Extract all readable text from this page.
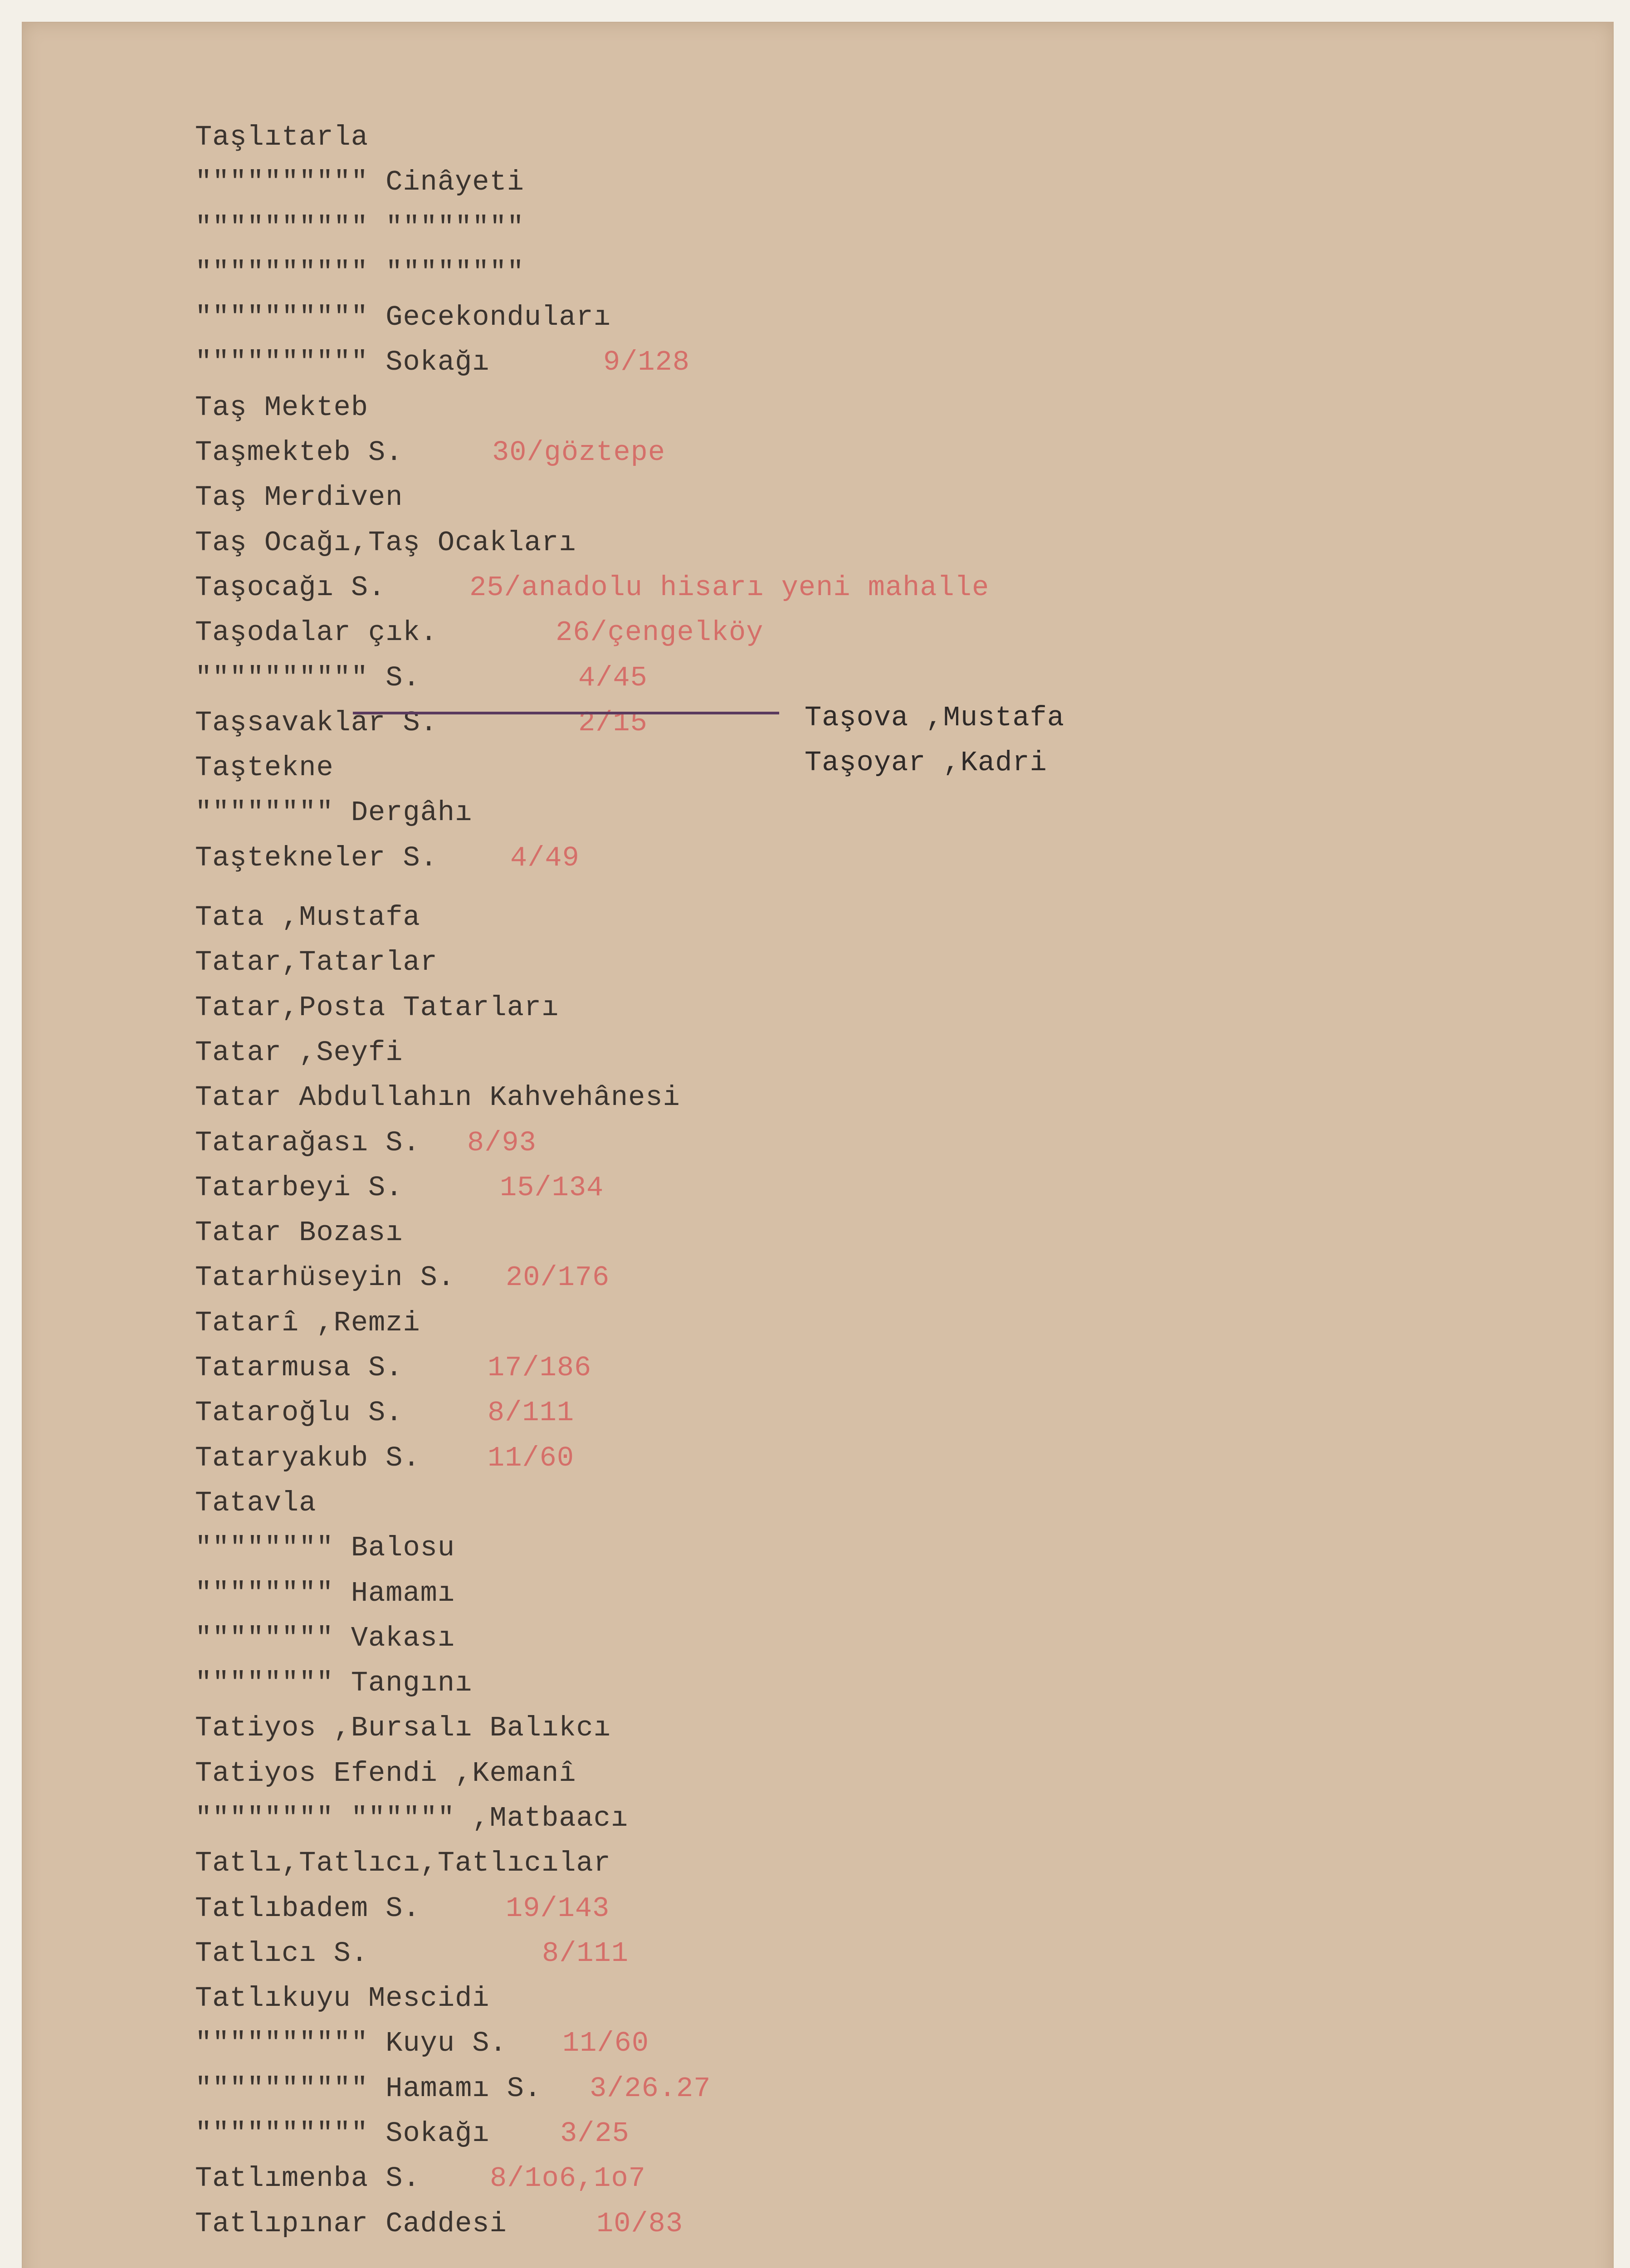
Taşlıtarla
"""""""""" Cinâyeti
"""""""""" """"""""
"""""""""" """"""""
"""""""""" Gecekonduları
"""""""""" Sokağı	9/128
Taş Mekteb
Taşmekteb S.	30/göztepe
Taş Merdiven
Taş Ocağı,Taş Ocakları
Taşocağı S.	25/anadolu hisarı yeni mahalle
Taşodalar çık.	26/çengelköy
"""""""""" S.	4/45
Taşsavaklar S.	2/15
Taştekne
"""""""" Dergâhı
Taştekneler S.	4/49
Tata ,Mustafa
Tatar,Tatarlar
Tatar,Posta Tatarları
Tatar ,Seyfi
Tatar Abdullahın Kahvehânesi
Tatarağası S. 8/93
Tatarbeyi S.	15/134
Tatar Bozası
Tatarhüseyin S. 20/176
Tatarî ,Remzi
Tatarmusa S.	17/186
Tataroğlu S.	8/111
Tataryakub S. 11/60
Tatavla
"""""""" Balosu
"""""""" Hamamı
"""""""" Vakası
"""""""" Tangını
Tatiyos ,Bursalı Balıkcı
Tatiyos Efendi ,Kemanî
"""""""" """""" ,Matbaacı
Tatlı,Tatlıcı,Tatlıcılar
Tatlıbadem S.	19/143
Tatlıcı S.	8/111
Tatlıkuyu Mescidi
"""""""""" Kuyu S. 11/60
"""""""""" Hamamı S. 3/26.27
"""""""""" Sokağı	3/25
Tatlımenba S. 8/1o6,1o7
Tatlıpınar Caddesi	10/83
Taşova ,Mustafa
Taşoyar ,Kadri
